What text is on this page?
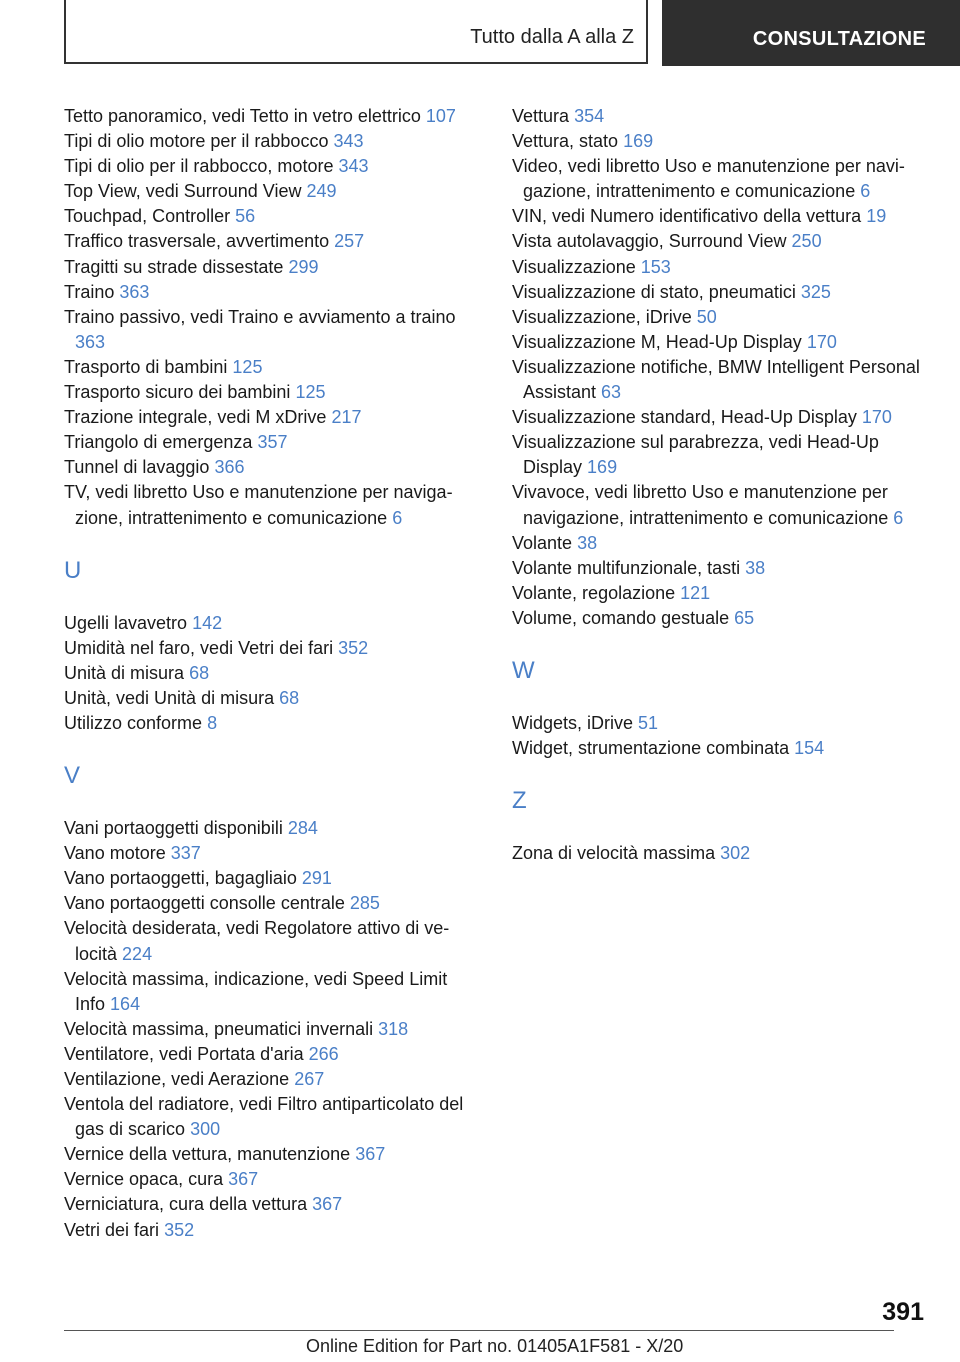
Tutto dalla A alla Z	CONSULTAZIONE
Tetto panoramico, vedi Tetto in vetro elettrico 107
Tipi di olio motore per il rabbocco 343
Tipi di olio per il rabbocco, motore 343
Top View, vedi Surround View 249
Touchpad, Controller 56
Traffico trasversale, avvertimento 257
Tragitti su strade dissestate 299
Traino 363
Traino passivo, vedi Traino e avviamento a traino 363
Trasporto di bambini 125
Trasporto sicuro dei bambini 125
Trazione integrale, vedi M xDrive 217
Triangolo di emergenza 357
Tunnel di lavaggio 366
TV, vedi libretto Uso e manutenzione per navigazione, intrattenimento e comunicazione 6
U
Ugelli lavavetro 142
Umidità nel faro, vedi Vetri dei fari 352
Unità di misura 68
Unità, vedi Unità di misura 68
Utilizzo conforme 8
V
Vani portaoggetti disponibili 284
Vano motore 337
Vano portaoggetti, bagagliaio 291
Vano portaoggetti consolle centrale 285
Velocità desiderata, vedi Regolatore attivo di velocità 224
Velocità massima, indicazione, vedi Speed Limit Info 164
Velocità massima, pneumatici invernali 318
Ventilatore, vedi Portata d'aria 266
Ventilazione, vedi Aerazione 267
Ventola del radiatore, vedi Filtro antiparticolato del gas di scarico 300
Vernice della vettura, manutenzione 367
Vernice opaca, cura 367
Verniciatura, cura della vettura 367
Vetri dei fari 352
Vettura 354
Vettura, stato 169
Video, vedi libretto Uso e manutenzione per navigazione, intrattenimento e comunicazione 6
VIN, vedi Numero identificativo della vettura 19
Vista autolavaggio, Surround View 250
Visualizzazione 153
Visualizzazione di stato, pneumatici 325
Visualizzazione, iDrive 50
Visualizzazione M, Head-Up Display 170
Visualizzazione notifiche, BMW Intelligent Personal Assistant 63
Visualizzazione standard, Head-Up Display 170
Visualizzazione sul parabrezza, vedi Head-Up Display 169
Vivavoce, vedi libretto Uso e manutenzione per navigazione, intrattenimento e comunicazione 6
Volante 38
Volante multifunzionale, tasti 38
Volante, regolazione 121
Volume, comando gestuale 65
W
Widgets, iDrive 51
Widget, strumentazione combinata 154
Z
Zona di velocità massima 302
391
Online Edition for Part no. 01405A1F581 - X/20
